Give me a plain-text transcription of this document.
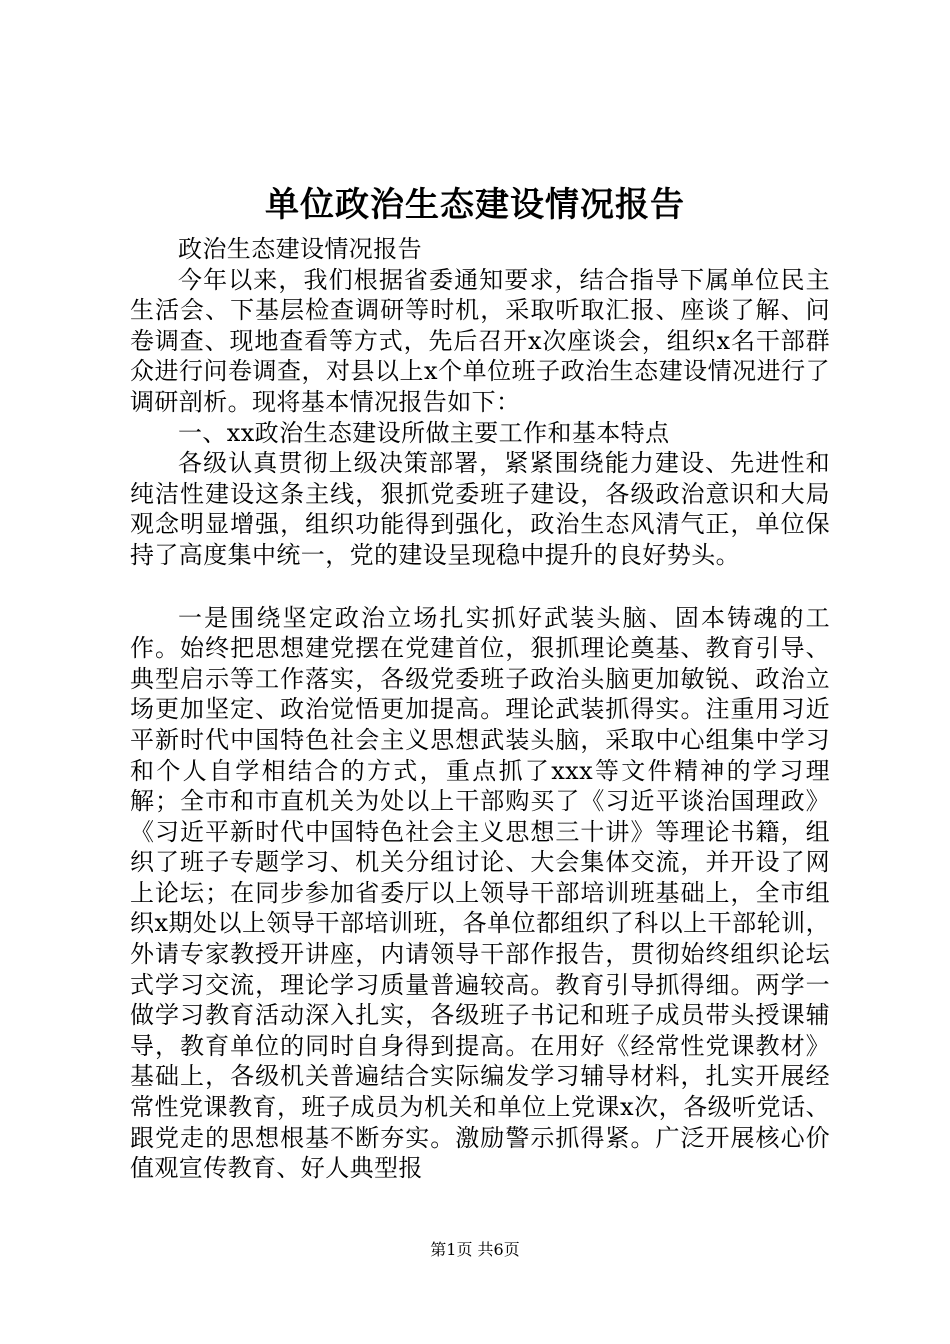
单位政治生态建设情况报告

政治生态建设情况报告

今年以来，我们根据省委通知要求，结合指导下属单位民主生活会、下基层检查调研等时机，采取听取汇报、座谈了解、问卷调查、现地查看等方式，先后召开x次座谈会，组织x名干部群众进行问卷调查，对县以上x个单位班子政治生态建设情况进行了调研剖析。现将基本情况报告如下：

一、xx政治生态建设所做主要工作和基本特点

各级认真贯彻上级决策部署，紧紧围绕能力建设、先进性和纯洁性建设这条主线，狠抓党委班子建设，各级政治意识和大局观念明显增强，组织功能得到强化，政治生态风清气正，单位保持了高度集中统一，党的建设呈现稳中提升的良好势头。

一是围绕坚定政治立场扎实抓好武装头脑、固本铸魂的工作。始终把思想建党摆在党建首位，狠抓理论奠基、教育引导、典型启示等工作落实，各级党委班子政治头脑更加敏锐、政治立场更加坚定、政治觉悟更加提高。理论武装抓得实。注重用习近平新时代中国特色社会主义思想武装头脑，采取中心组集中学习和个人自学相结合的方式，重点抓了xxx等文件精神的学习理解；全市和市直机关为处以上干部购买了《习近平谈治国理政》《习近平新时代中国特色社会主义思想三十讲》等理论书籍，组织了班子专题学习、机关分组讨论、大会集体交流，并开设了网上论坛；在同步参加省委厅以上领导干部培训班基础上，全市组织x期处以上领导干部培训班，各单位都组织了科以上干部轮训，外请专家教授开讲座，内请领导干部作报告，贯彻始终组织论坛式学习交流，理论学习质量普遍较高。教育引导抓得细。两学一做学习教育活动深入扎实，各级班子书记和班子成员带头授课辅导，教育单位的同时自身得到提高。在用好《经常性党课教材》基础上，各级机关普遍结合实际编发学习辅导材料，扎实开展经常性党课教育，班子成员为机关和单位上党课x次，各级听党话、跟党走的思想根基不断夯实。激励警示抓得紧。广泛开展核心价值观宣传教育、好人典型报

第1页 共6页
